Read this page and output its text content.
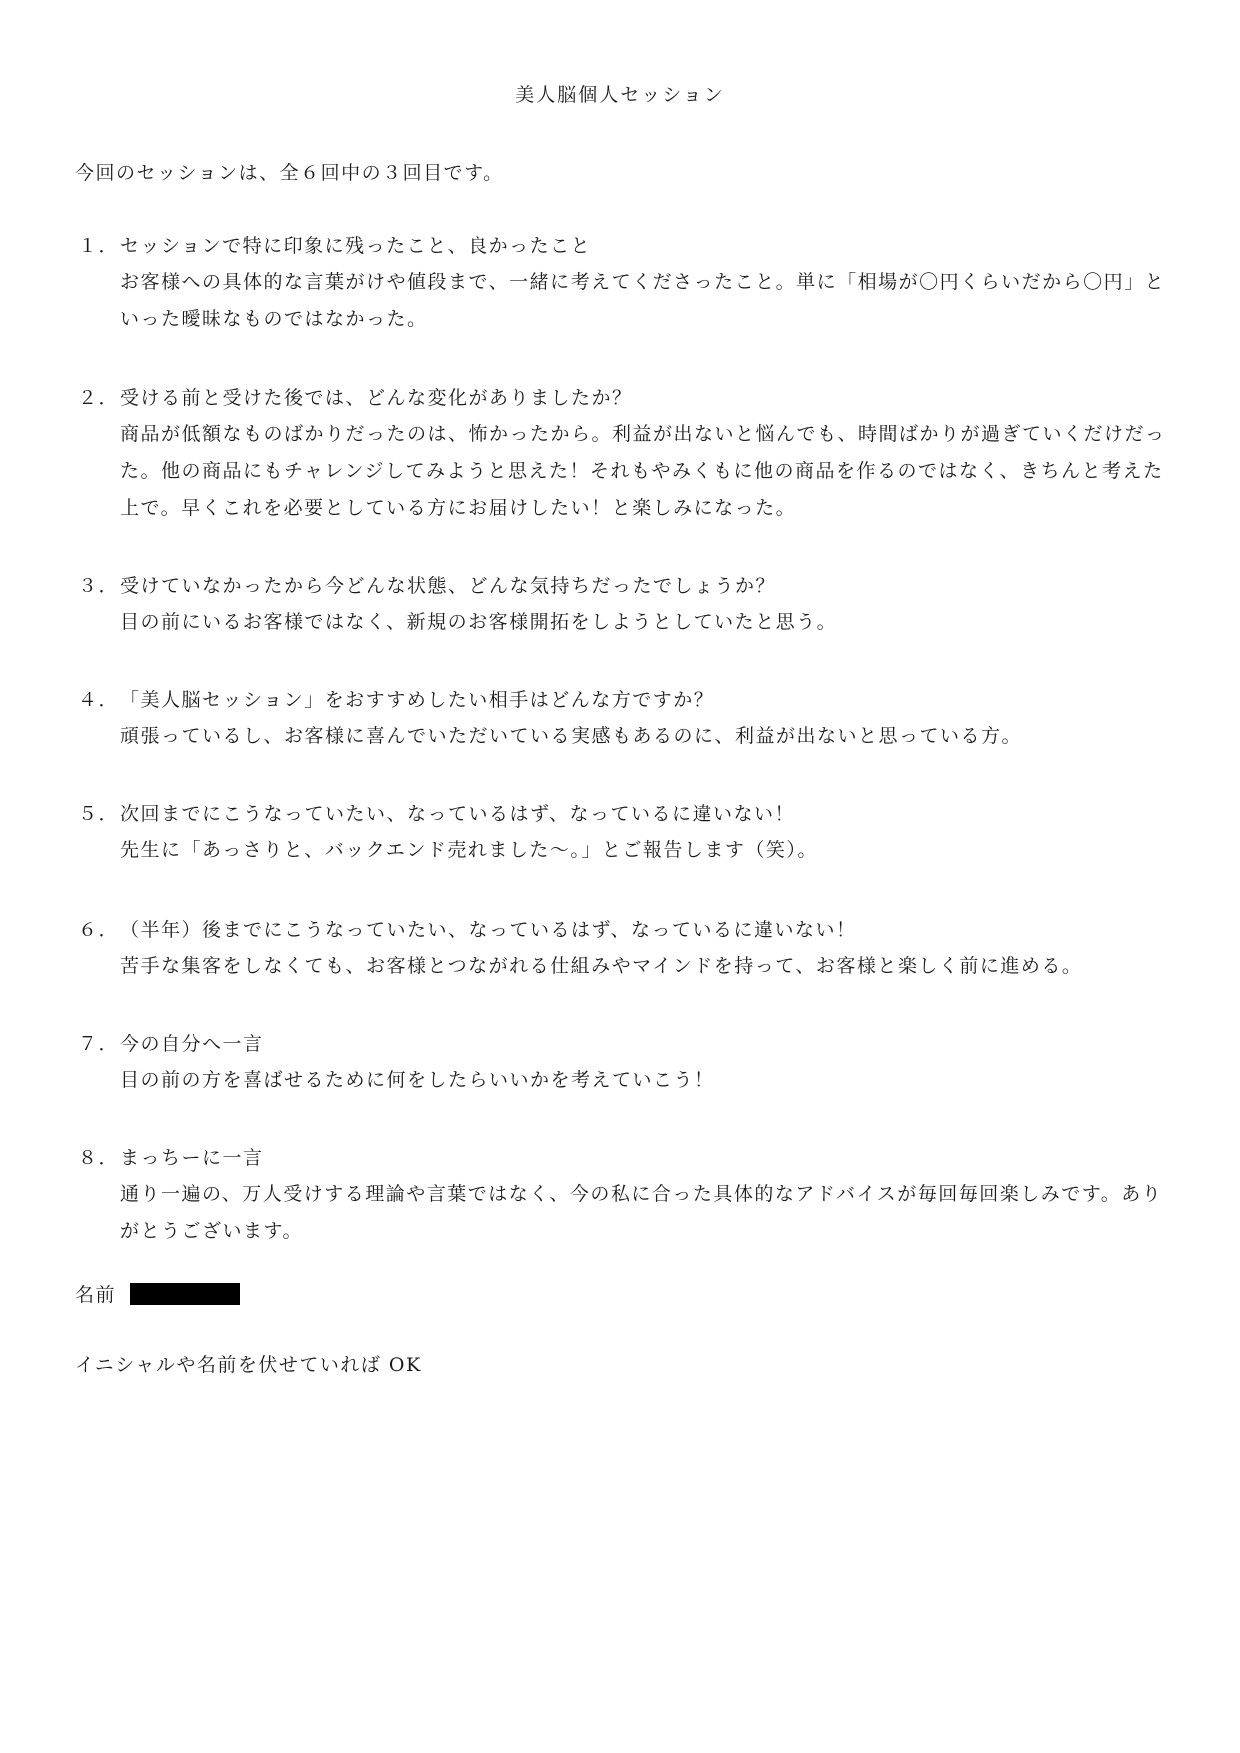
美人脳個人セッション
今回のセッションは、全６回中の３回目です。
１． セッションで特に印象に残ったこと、良かったこと
お客様への具体的な言葉がけや値段まで、一緒に考えてくださったこと。単に「相場が〇円くらいだから〇円」といった曖昧なものではなかった。
２． 受ける前と受けた後では、どんな変化がありましたか？
商品が低額なものばかりだったのは、怖かったから。利益が出ないと悩んでも、時間ばかりが過ぎていくだけだった。他の商品にもチャレンジしてみようと思えた！それもやみくもに他の商品を作るのではなく、きちんと考えた上で。早くこれを必要としている方にお届けしたい！と楽しみになった。
３． 受けていなかったから今どんな状態、どんな気持ちだったでしょうか？
目の前にいるお客様ではなく、新規のお客様開拓をしようとしていたと思う。
４． 「美人脳セッション」をおすすめしたい相手はどんな方ですか？
頑張っているし、お客様に喜んでいただいている実感もあるのに、利益が出ないと思っている方。
５． 次回までにこうなっていたい、なっているはず、なっているに違いない！
先生に「あっさりと、バックエンド売れました～。」とご報告します（笑）。
６． （半年）後までにこうなっていたい、なっているはず、なっているに違いない！
苦手な集客をしなくても、お客様とつながれる仕組みやマインドを持って、お客様と楽しく前に進める。
７． 今の自分へ一言
目の前の方を喜ばせるために何をしたらいいかを考えていこう！
８． まっちーに一言
通り一遍の、万人受けする理論や言葉ではなく、今の私に合った具体的なアドバイスが毎回毎回楽しみです。ありがとうございます。
名前
イニシャルや名前を伏せていれば OK
